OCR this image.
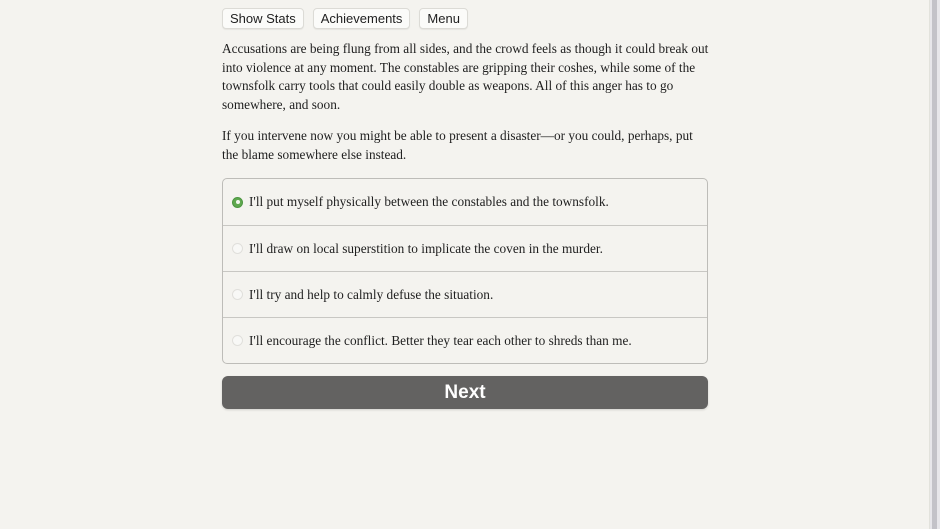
Show Stats	Achievements	Menu

Accusations are being flung from all sides, and the crowd feels as though it could break out into violence at any moment. The constables are gripping their coshes, while some of the townsfolk carry tools that could easily double as weapons. All of this anger has to go somewhere, and soon.

If you intervene now you might be able to present a disaster—or you could, perhaps, put the blame somewhere else instead.

I'll put myself physically between the constables and the townsfolk.
I'll draw on local superstition to implicate the coven in the murder.
I'll try and help to calmly defuse the situation.
I'll encourage the conflict. Better they tear each other to shreds than me.
Next
